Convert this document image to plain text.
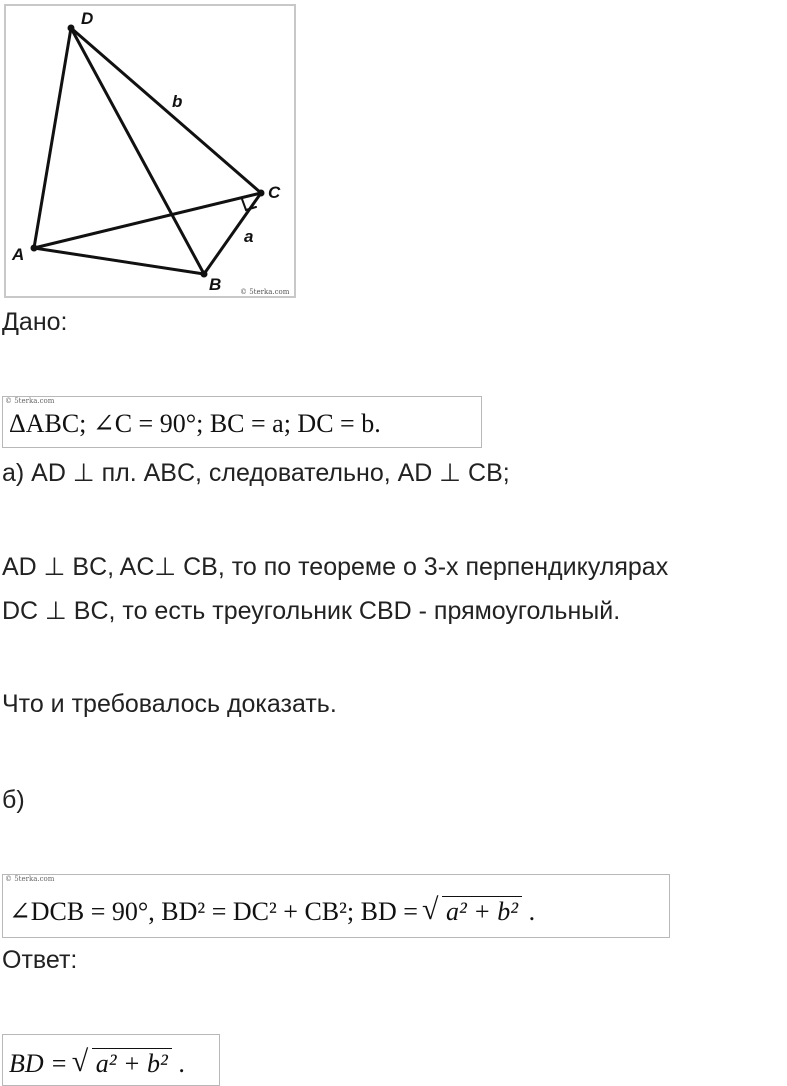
D
A
B
C
b
a
© 5terka.com

Дано:

© 5terka.com
ΔABC; ∠C = 90°; BC = a; DC = b.

а) AD ⊥ пл. ABC, следовательно, AD ⊥ CB;

AD ⊥ BC, AC⊥ CB, то по теореме о 3-х перпендикулярах

DC ⊥ BC, то есть треугольник CBD - прямоугольный.

Что и требовалось доказать.

б)

© 5terka.com
∠DCB = 90°, BD² = DC² + CB²; BD = √ a² + b² .

Ответ:

BD = √ a² + b² .
